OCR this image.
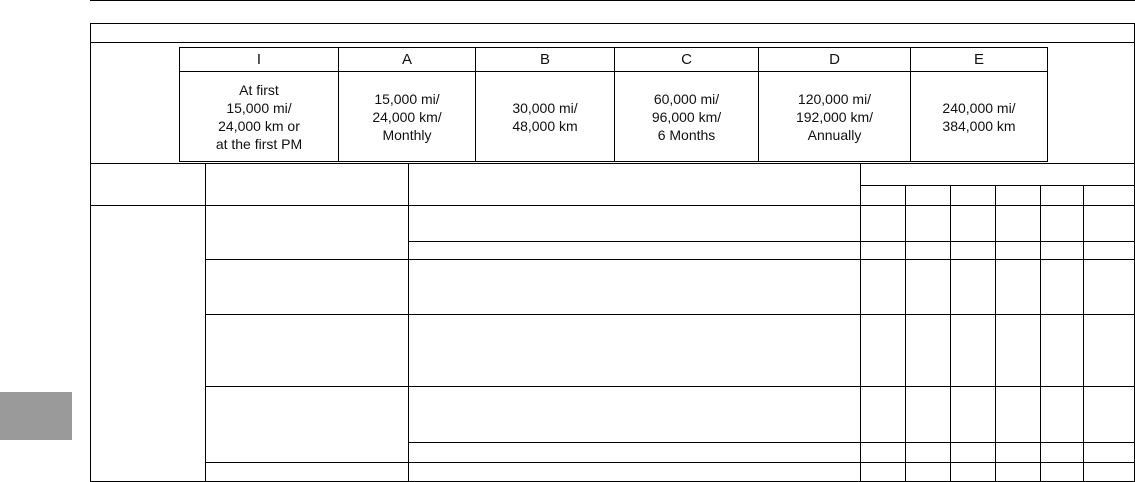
I	A	B	C	D	E
At first
15,000 mi/
24,000 km or
at the first PM	15,000 mi/
24,000 km/
Monthly	30,000 mi/
48,000 km	60,000 mi/
96,000 km/
6 Months	120,000 mi/
192,000 km/
Annually	240,000 mi/
384,000 km
